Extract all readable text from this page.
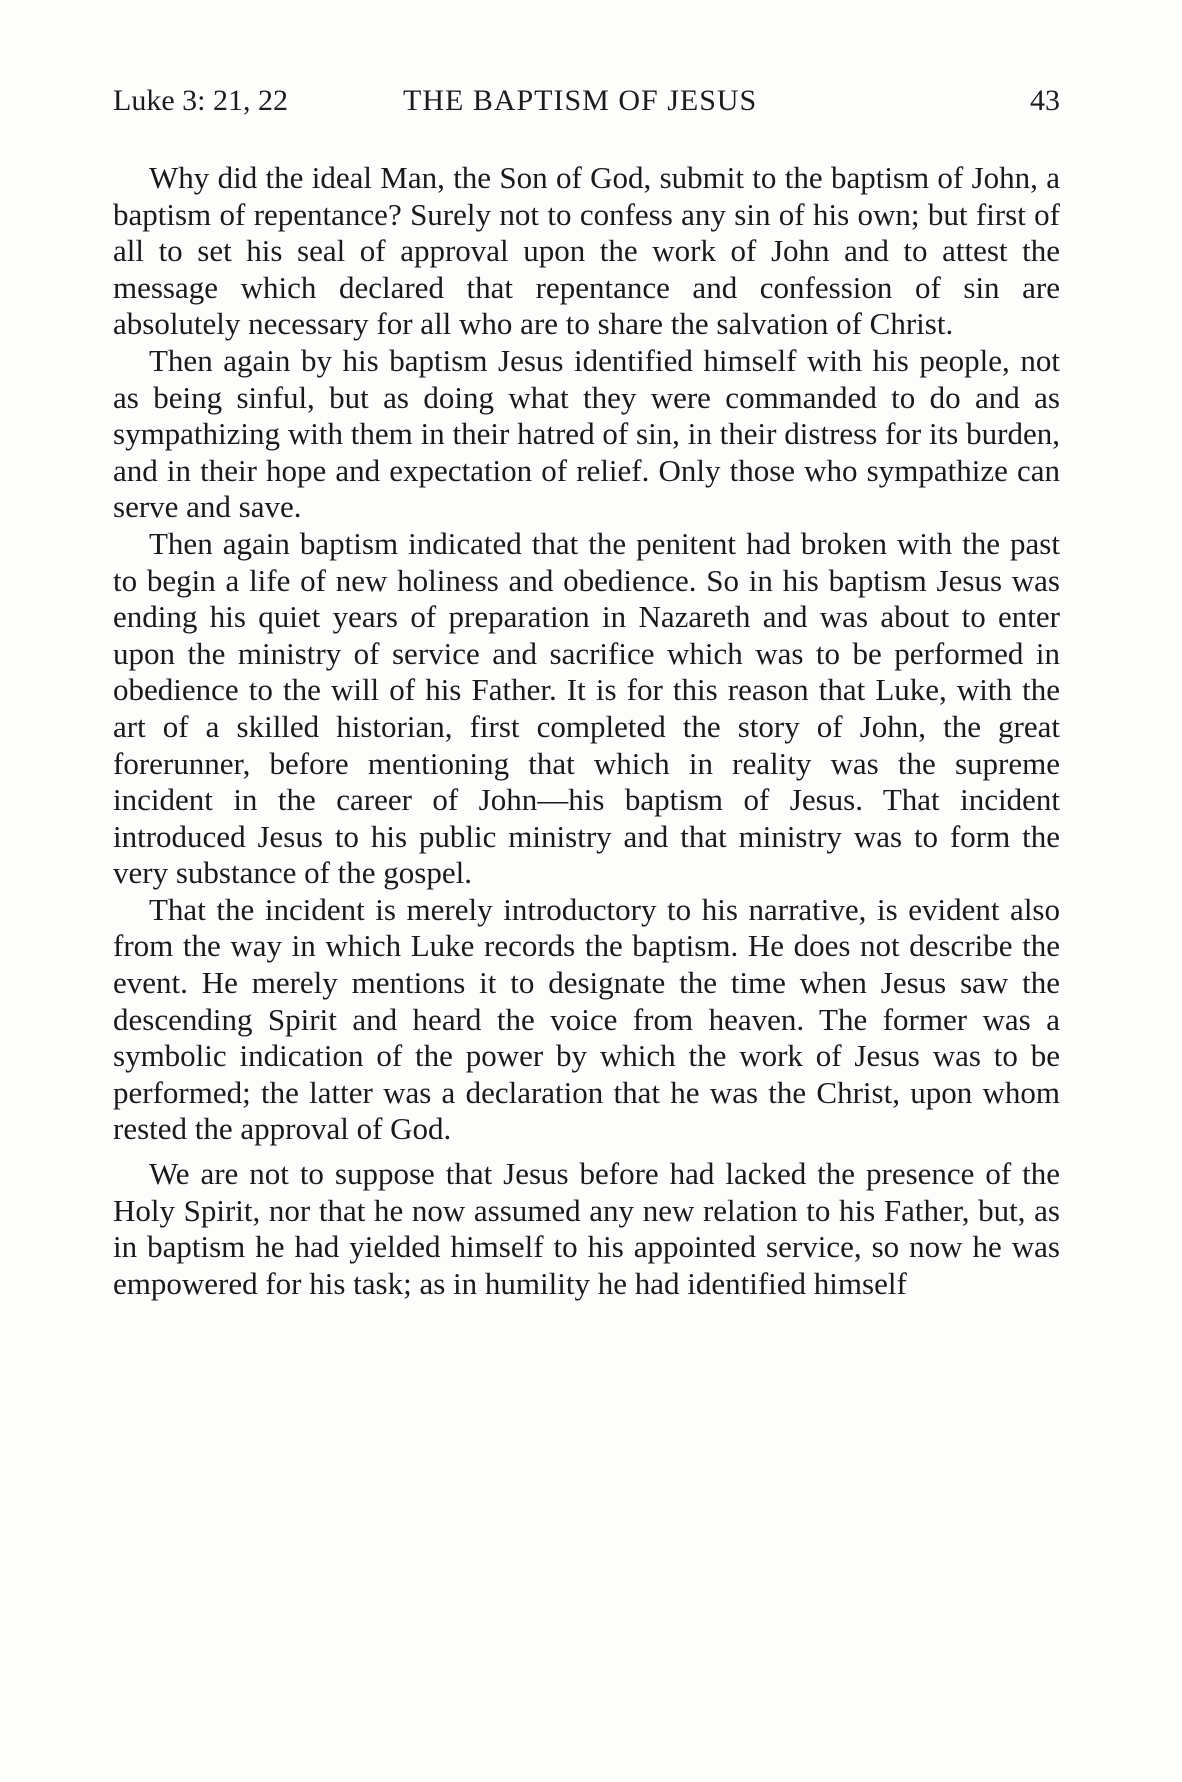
Luke 3: 21, 22	THE BAPTISM OF JESUS	43

Why did the ideal Man, the Son of God, submit to the baptism of John, a baptism of repentance? Surely not to confess any sin of his own; but first of all to set his seal of approval upon the work of John and to attest the message which declared that repentance and confession of sin are absolutely necessary for all who are to share the salvation of Christ.

Then again by his baptism Jesus identified himself with his people, not as being sinful, but as doing what they were commanded to do and as sympathizing with them in their hatred of sin, in their distress for its burden, and in their hope and expectation of relief. Only those who sympathize can serve and save.

Then again baptism indicated that the penitent had broken with the past to begin a life of new holiness and obedience. So in his baptism Jesus was ending his quiet years of preparation in Nazareth and was about to enter upon the ministry of service and sacrifice which was to be performed in obedience to the will of his Father. It is for this reason that Luke, with the art of a skilled historian, first completed the story of John, the great forerunner, before mentioning that which in reality was the supreme incident in the career of John—his baptism of Jesus. That incident introduced Jesus to his public ministry and that ministry was to form the very substance of the gospel.

That the incident is merely introductory to his narrative, is evident also from the way in which Luke records the baptism. He does not describe the event. He merely mentions it to designate the time when Jesus saw the descending Spirit and heard the voice from heaven. The former was a symbolic indication of the power by which the work of Jesus was to be performed; the latter was a declaration that he was the Christ, upon whom rested the approval of God.

We are not to suppose that Jesus before had lacked the presence of the Holy Spirit, nor that he now assumed any new relation to his Father, but, as in baptism he had yielded himself to his appointed service, so now he was empowered for his task; as in humility he had identified himself
